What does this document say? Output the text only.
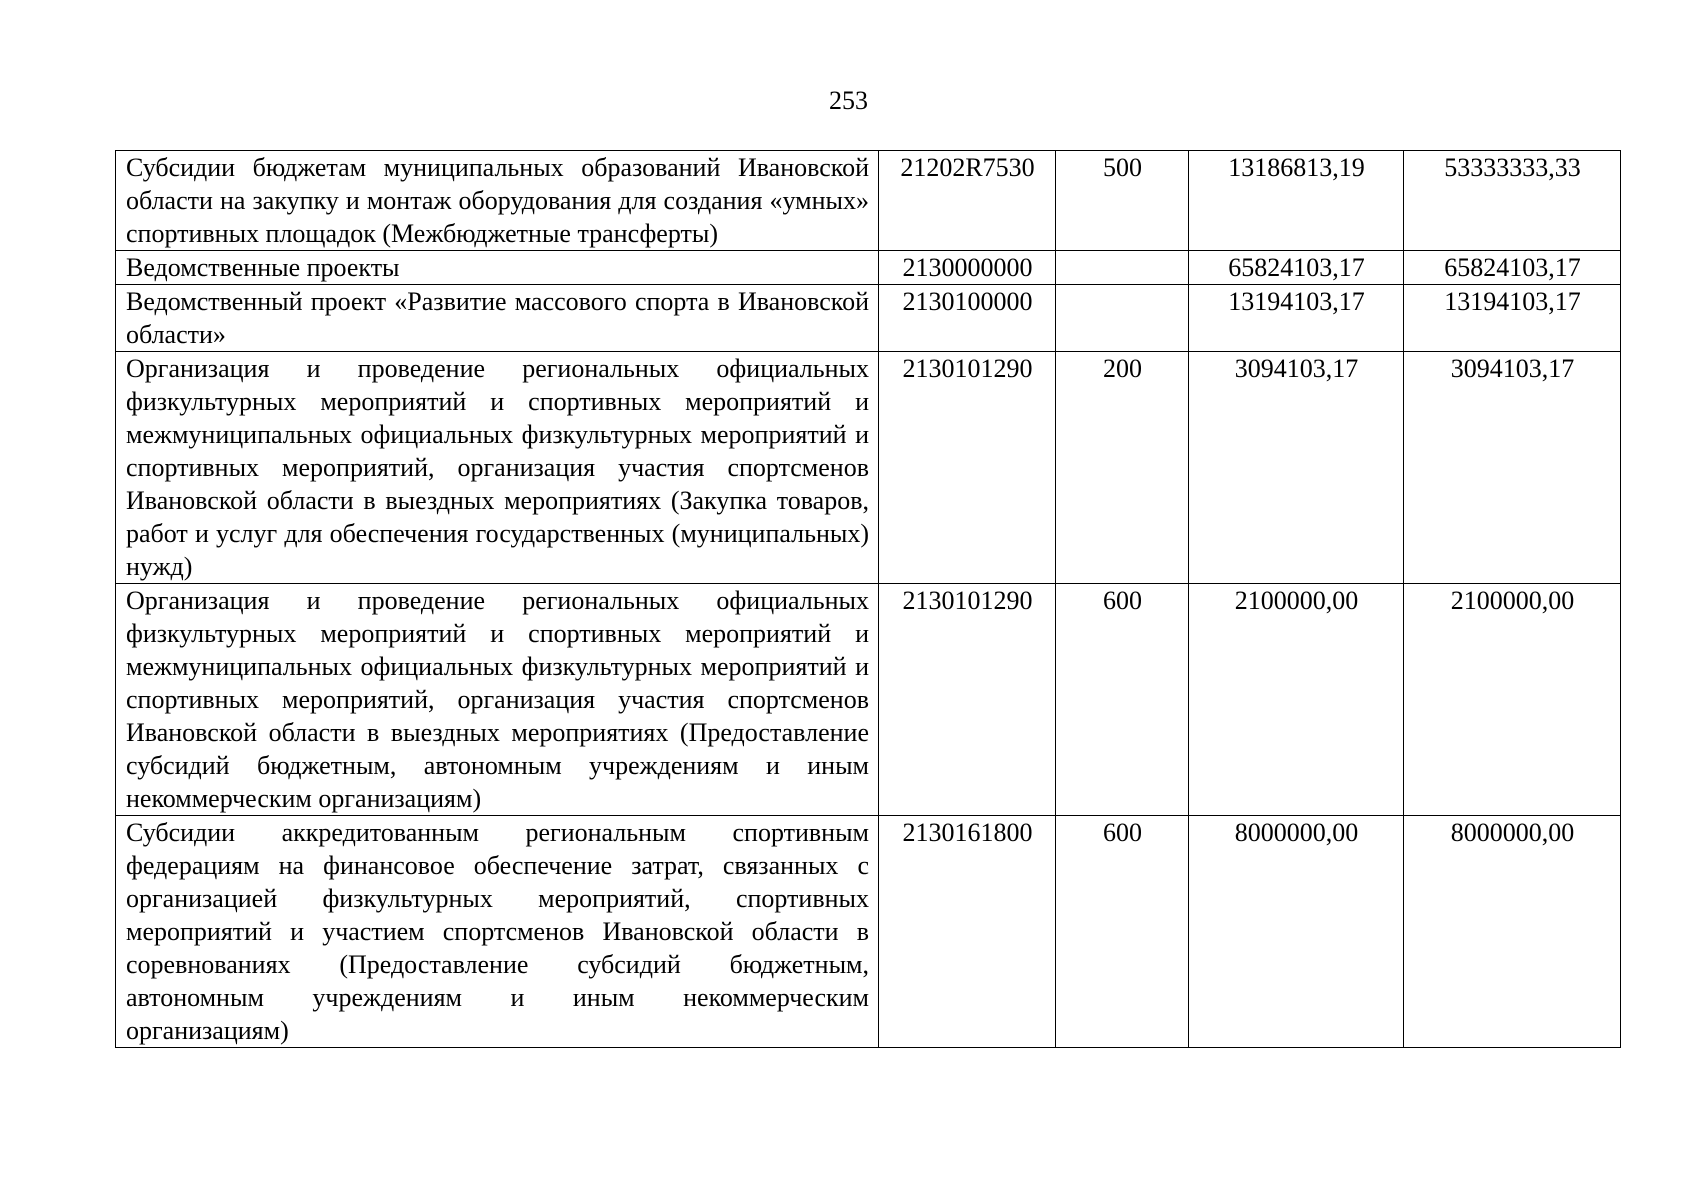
253
Субсидии бюджетам муниципальных образований Ивановской области на закупку и монтаж оборудования для создания «умных» спортивных площадок (Межбюджетные трансферты)	21202R7530	500	13186813,19	53333333,33
Ведомственные проекты	2130000000		65824103,17	65824103,17
Ведомственный проект «Развитие массового спорта в Ивановской области»	2130100000		13194103,17	13194103,17
Организация и проведение региональных официальных физкультурных мероприятий и спортивных мероприятий и межмуниципальных официальных физкультурных мероприятий и спортивных мероприятий, организация участия спортсменов Ивановской области в выездных мероприятиях (Закупка товаров, работ и услуг для обеспечения государственных (муниципальных) нужд)	2130101290	200	3094103,17	3094103,17
Организация и проведение региональных официальных физкультурных мероприятий и спортивных мероприятий и межмуниципальных официальных физкультурных мероприятий и спортивных мероприятий, организация участия спортсменов Ивановской области в выездных мероприятиях (Предоставление субсидий бюджетным, автономным учреждениям и иным некоммерческим организациям)	2130101290	600	2100000,00	2100000,00
Субсидии аккредитованным региональным спортивным федерациям на финансовое обеспечение затрат, связанных с организацией физкультурных мероприятий, спортивных мероприятий и участием спортсменов Ивановской области в соревнованиях (Предоставление субсидий бюджетным, автономным учреждениям и иным некоммерческим организациям)	2130161800	600	8000000,00	8000000,00
